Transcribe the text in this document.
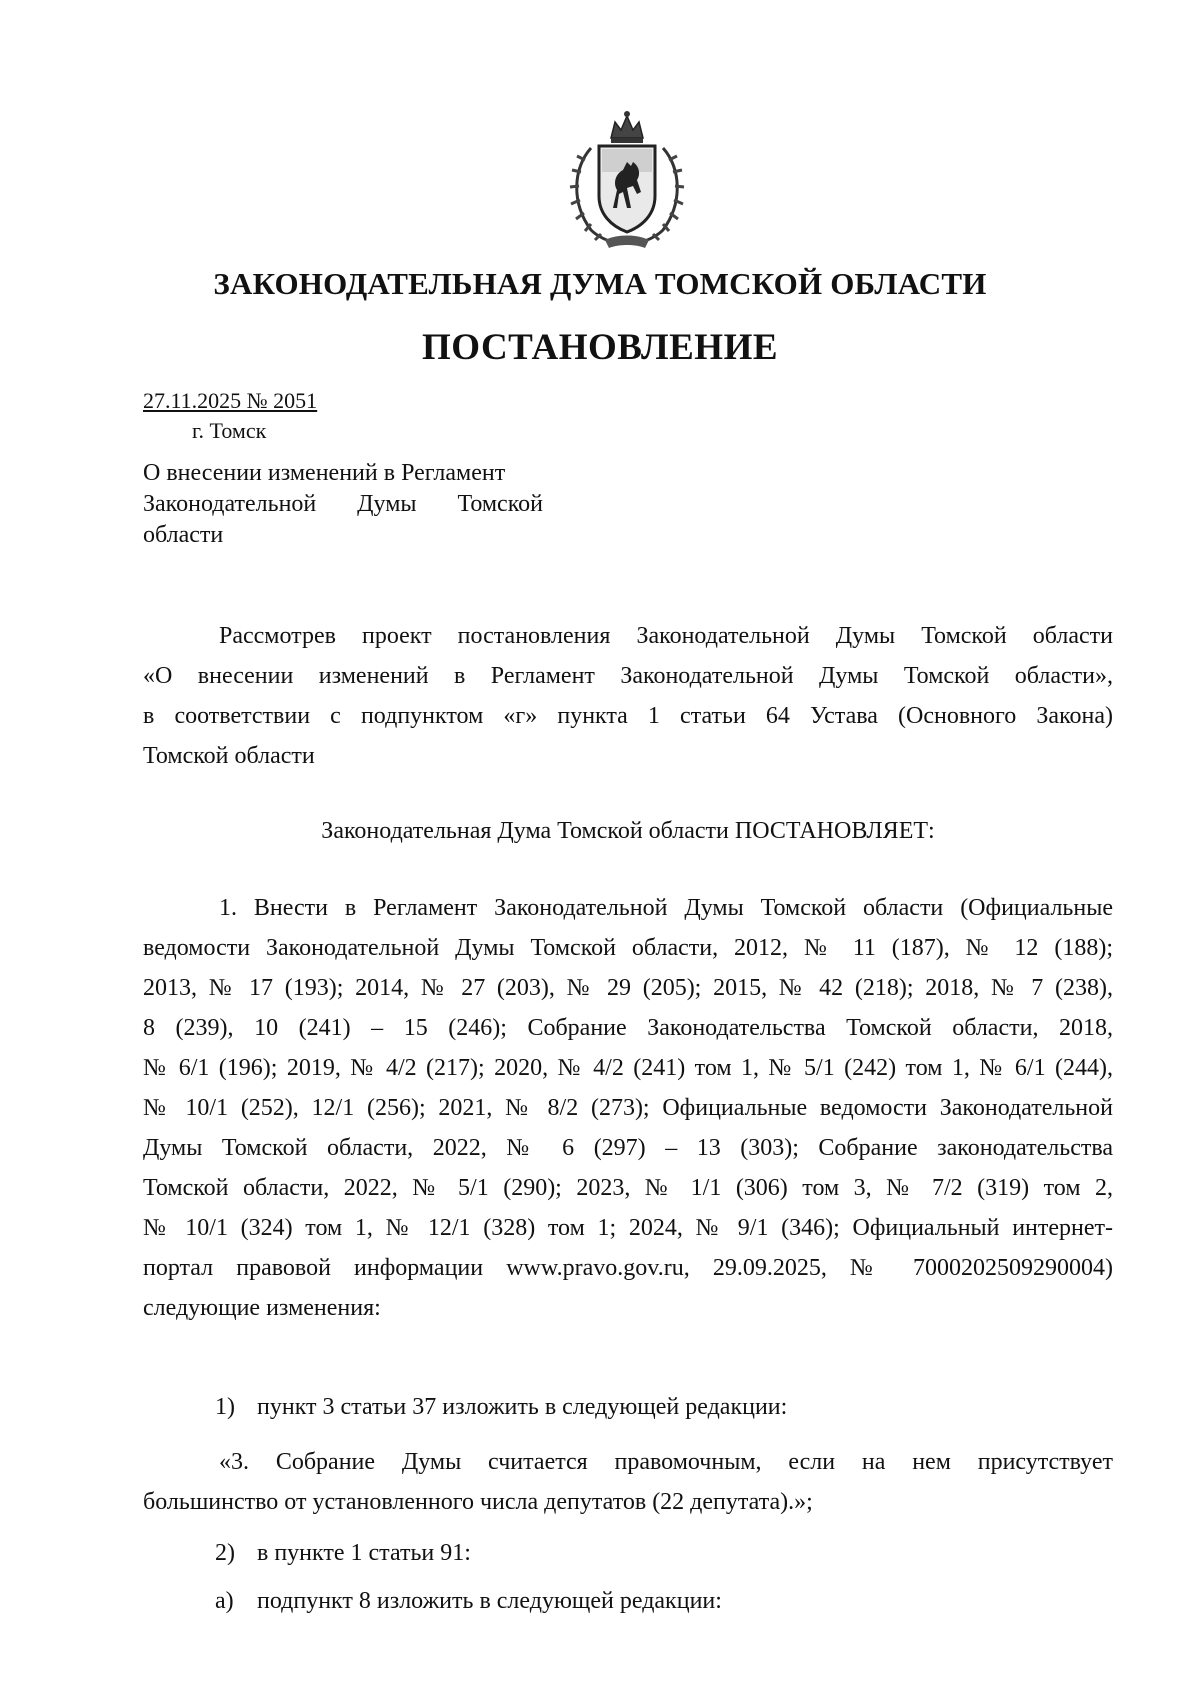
ЗАКОНОДАТЕЛЬНАЯ ДУМА ТОМСКОЙ ОБЛАСТИ
ПОСТАНОВЛЕНИЕ
27.11.2025 № 2051
г. Томск
О внесении изменений в Регламент
Законодательной Думы Томской
области
Рассмотрев проект постановления Законодательной Думы Томской области
«О внесении изменений в Регламент Законодательной Думы Томской области»,
в соответствии с подпунктом «г» пункта 1 статьи 64 Устава (Основного Закона)
Томской области
Законодательная Дума Томской области ПОСТАНОВЛЯЕТ:
1. Внести в Регламент Законодательной Думы Томской области (Официальные
ведомости Законодательной Думы Томской области, 2012, № 11 (187), № 12 (188);
2013, № 17 (193); 2014, № 27 (203), № 29 (205); 2015, № 42 (218); 2018, № 7 (238),
8 (239), 10 (241) – 15 (246); Собрание Законодательства Томской области, 2018,
№ 6/1 (196); 2019, № 4/2 (217); 2020, № 4/2 (241) том 1, № 5/1 (242) том 1, № 6/1 (244),
№ 10/1 (252), 12/1 (256); 2021, № 8/2 (273); Официальные ведомости Законодательной
Думы Томской области, 2022, № 6 (297) – 13 (303); Собрание законодательства
Томской области, 2022, № 5/1 (290); 2023, № 1/1 (306) том 3, № 7/2 (319) том 2,
№ 10/1 (324) том 1, № 12/1 (328) том 1; 2024, № 9/1 (346); Официальный интернет-
портал правовой информации www.pravo.gov.ru, 29.09.2025, № 7000202509290004)
следующие изменения:
1) пункт 3 статьи 37 изложить в следующей редакции:
«3. Собрание Думы считается правомочным, если на нем присутствует
большинство от установленного числа депутатов (22 депутата).»;
2) в пункте 1 статьи 91:
а) подпункт 8 изложить в следующей редакции:
